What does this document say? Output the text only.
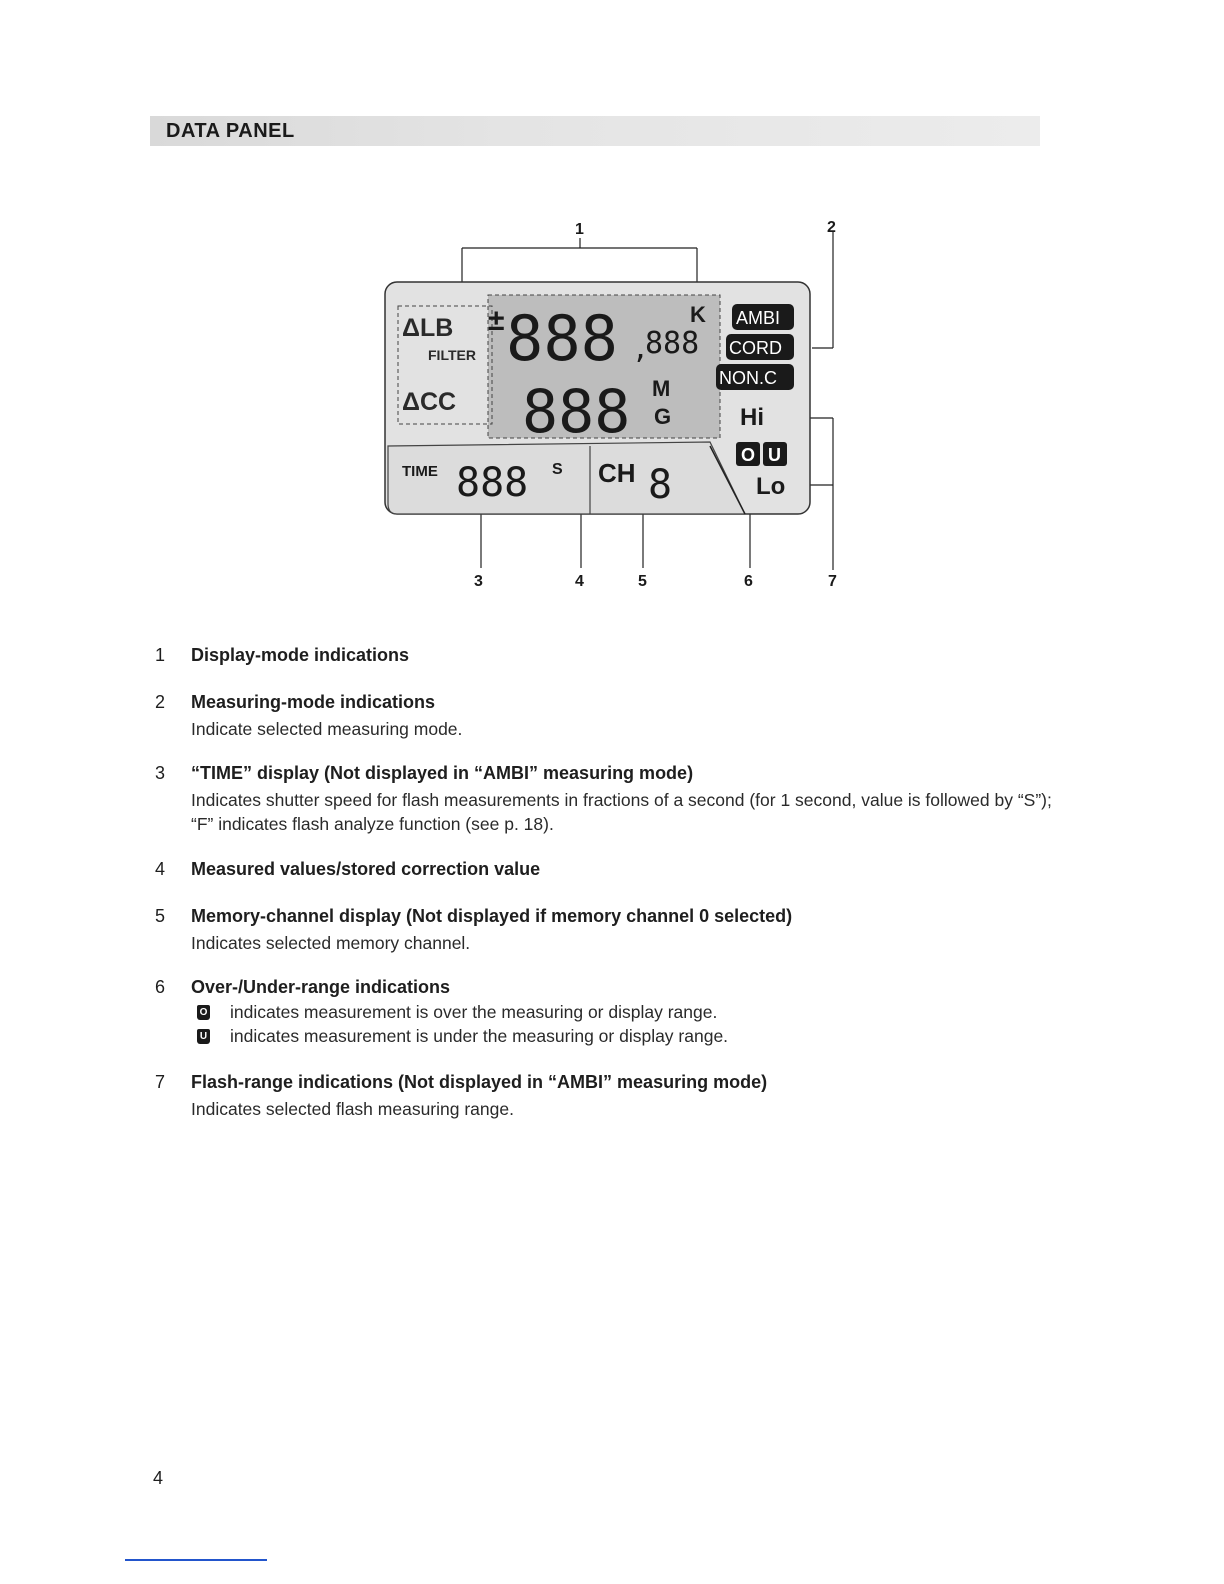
DATA PANEL
ΔLB
FILTER
ΔCC
± 888 ,
888
K
888 M
G
AMBI
CORD
NON.C
Hi
O U
Lo
TIME 888 S CH 8
1	2
3	4	5	6	7
1 Display-mode indications
2 Measuring-mode indications
Indicate selected measuring mode.
3 “TIME” display (Not displayed in “AMBI” measuring mode)
Indicates shutter speed for flash measurements in fractions of a second (for 1 second, value is followed by “S”); “F” indicates flash analyze function (see p. 18).
4 Measured values/stored correction value
5 Memory-channel display (Not displayed if memory channel 0 selected)
Indicates selected memory channel.
6 Over-/Under-range indications
O indicates measurement is over the measuring or display range.
U indicates measurement is under the measuring or display range.
7 Flash-range indications (Not displayed in “AMBI” measuring mode)
Indicates selected flash measuring range.
4
